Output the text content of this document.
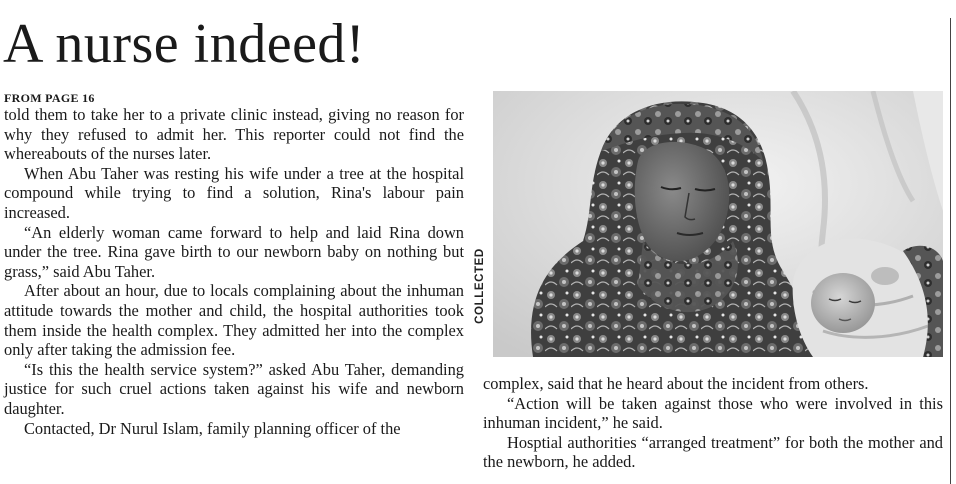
A nurse indeed!

FROM PAGE 16

told them to take her to a private clinic instead, giving no reason for why they refused to admit her. This reporter could not find the whereabouts of the nurses later.

When Abu Taher was resting his wife under a tree at the hospital compound while trying to find a solution, Rina's labour pain increased.

“An elderly woman came forward to help and laid Rina down under the tree. Rina gave birth to our newborn baby on nothing but grass,” said Abu Taher.

After about an hour, due to locals complaining about the inhuman attitude towards the mother and child, the hospital authorities took them inside the health complex. They admitted her into the complex only after taking the admission fee.

“Is this the health service system?” asked Abu Taher, demanding justice for such cruel actions taken against his wife and newborn daughter.

Contacted, Dr Nurul Islam, family planning officer of the

COLLECTED

complex, said that he heard about the incident from others.

“Action will be taken against those who were involved in this inhuman incident,” he said.

Hosptial authorities “arranged treatment” for both the mother and the newborn, he added.
